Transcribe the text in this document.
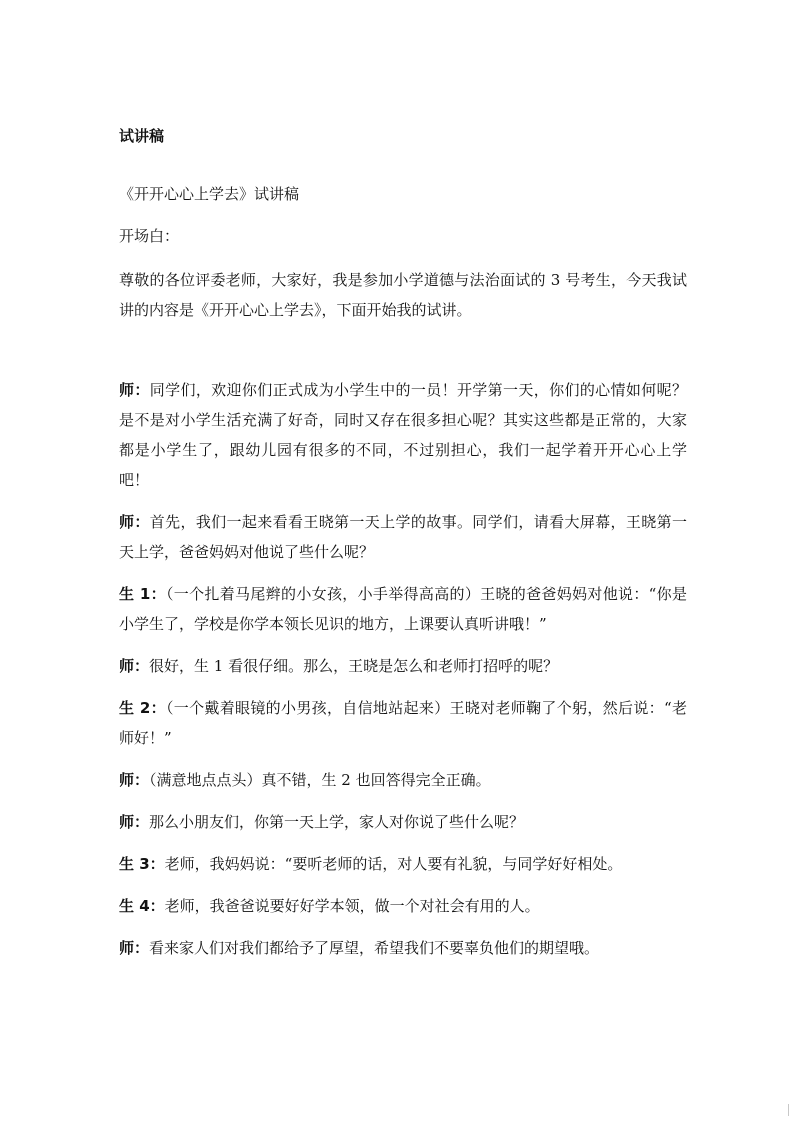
试讲稿

《开开心心上学去》试讲稿

开场白：

尊敬的各位评委老师，大家好，我是参加小学道德与法治面试的 3 号考生，今天我试讲的内容是《开开心心上学去》，下面开始我的试讲。

师：同学们，欢迎你们正式成为小学生中的一员！开学第一天，你们的心情如何呢？是不是对小学生活充满了好奇，同时又存在很多担心呢？其实这些都是正常的，大家都是小学生了，跟幼儿园有很多的不同，不过别担心，我们一起学着开开心心上学吧！

师：首先，我们一起来看看王晓第一天上学的故事。同学们，请看大屏幕，王晓第一天上学，爸爸妈妈对他说了些什么呢？

生 1：（一个扎着马尾辫的小女孩，小手举得高高的）王晓的爸爸妈妈对他说：“你是小学生了，学校是你学本领长见识的地方，上课要认真听讲哦！”

师：很好，生 1 看很仔细。那么，王晓是怎么和老师打招呼的呢？

生 2：（一个戴着眼镜的小男孩，自信地站起来）王晓对老师鞠了个躬，然后说：“老师好！”

师：（满意地点点头）真不错，生 2 也回答得完全正确。

师：那么小朋友们，你第一天上学，家人对你说了些什么呢？

生 3：老师，我妈妈说：“要听老师的话，对人要有礼貌，与同学好好相处。

生 4：老师，我爸爸说要好好学本领，做一个对社会有用的人。

师：看来家人们对我们都给予了厚望，希望我们不要辜负他们的期望哦。
